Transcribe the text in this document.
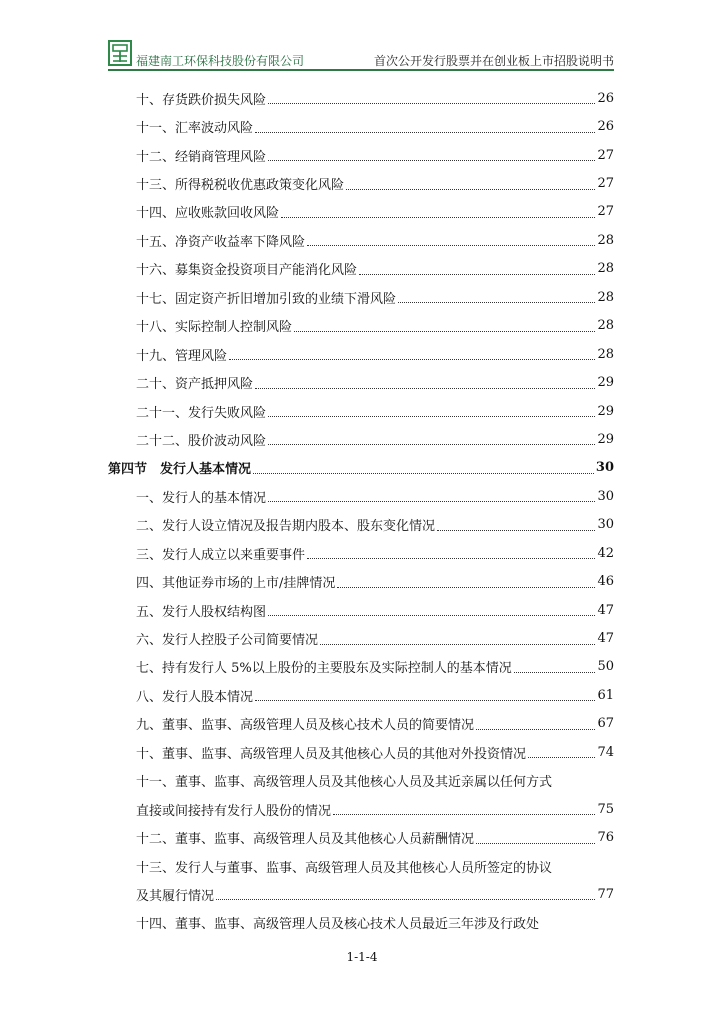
福建南工环保科技股份有限公司	首次公开发行股票并在创业板上市招股说明书
十、存货跌价损失风险	26
十一、汇率波动风险	26
十二、经销商管理风险	27
十三、所得税税收优惠政策变化风险	27
十四、应收账款回收风险	27
十五、净资产收益率下降风险	28
十六、募集资金投资项目产能消化风险	28
十七、固定资产折旧增加引致的业绩下滑风险	28
十八、实际控制人控制风险	28
十九、管理风险	28
二十、资产抵押风险	29
二十一、发行失败风险	29
二十二、股价波动风险	29
第四节　发行人基本情况	30
一、发行人的基本情况	30
二、发行人设立情况及报告期内股本、股东变化情况	30
三、发行人成立以来重要事件	42
四、其他证券市场的上市/挂牌情况	46
五、发行人股权结构图	47
六、发行人控股子公司简要情况	47
七、持有发行人 5%以上股份的主要股东及实际控制人的基本情况	50
八、发行人股本情况	61
九、董事、监事、高级管理人员及核心技术人员的简要情况	67
十、董事、监事、高级管理人员及其他核心人员的其他对外投资情况	74
十一、董事、监事、高级管理人员及其他核心人员及其近亲属以任何方式
直接或间接持有发行人股份的情况	75
十二、董事、监事、高级管理人员及其他核心人员薪酬情况	76
十三、发行人与董事、监事、高级管理人员及其他核心人员所签定的协议
及其履行情况	77
十四、董事、监事、高级管理人员及核心技术人员最近三年涉及行政处
1-1-4
